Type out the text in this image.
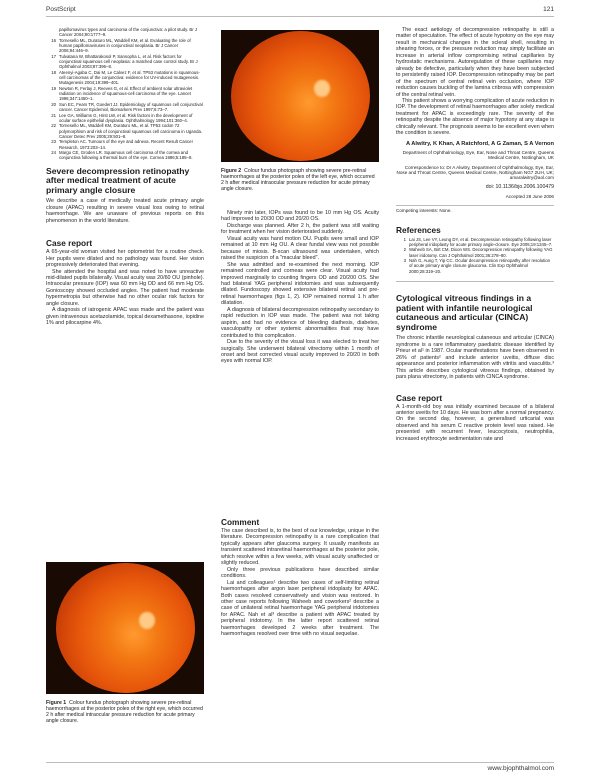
PostScript	121
papillomavirus types and carcinoma of the conjunctiva: a pilot study. Br J Cancer 2004;90:1777–9.
16 Tornesello ML, Duraturo ML, Waddell KM, et al. Evaluating the role of human papillomaviruses in conjunctival neoplasia. Br J Cancer 2006;94:446–9.
17 Tulvatana W, Bhattarakosol P, Sansopha L, et al. Risk factors for conjunctival squamous cell neoplasia: a matched case control study. Br J Ophthalmol 2003;87:396–8.
18 Ateenyi-Agaba C, Dai M, Le Calvez F, et al. TP53 mutations in squamous-cell carcinomas of the conjunctiva: evidence for UV-induced mutagenesis. Mutagenesis 2004;19:399–401.
19 Newton R, Ferlay J, Reeves G, et al. Effect of ambient solar ultraviolet radiation on incidence of squamous-cell carcinoma of the eye. Lancet 1996;347:1450–1.
20 Sun EC, Fears TR, Goedert JJ. Epidemiology of squamous cell conjunctival cancer. Cancer Epidemiol, Biomarkers Prev 1997;6:73–7.
21 Lee GA, Williams G, Hirst LW, et al. Risk factors in the development of ocular surface epithelial dysplasia. Ophthalmology 1994;101:360–4.
22 Tornesello ML, Waddell KM, Duraturo ML, et al. TP53 codon 72 polymorphism and risk of conjunctival squamous cell carcinoma in Uganda. Cancer Detec Prev 2005;29:501–8.
23 Templeton AC. Tumours of the eye and adnexa. Recent Result Cancer Research, 1973:203–14.
24 Margo CE, Groden LR. Squamous cell carcinoma of the cornea and conjunctiva following a thermal burn of the eye. Cornea 1986;5:185–8.
Severe decompression retinopathy after medical treatment of acute primary angle closure

We describe a case of medically treated acute primary angle closure (APAC) resulting in severe visual loss owing to retinal haemorrhage. We are unaware of previous reports on this phenomenon in the world literature.

Case report

A 65-year-old woman visited her optometrist for a routine check. Her pupils were dilated and no pathology was found. Her vision progressively deteriorated that evening.

She attended the hospital and was noted to have unreactive mid-dilated pupils bilaterally. Visual acuity was 20/60 OU (pinhole). Intraocular pressure (IOP) was 60 mm Hg OD and 66 mm Hg OS. Gonioscopy showed occluded angles. The patient had moderate hypermetropia but otherwise had no other ocular risk factors for angle closure.

A diagnosis of iatrogenic APAC was made and the patient was given intravenous acetazolamide, topical dexamethasone, iopidine 1% and pilocarpine 4%.

Figure 1 Colour fundus photograph showing severe pre-retinal haemorrhages at the posterior poles of the right eye, which occurred 2 h after medical intraocular pressure reduction for acute primary angle closure.
Figure 2 Colour fundus photograph showing severe pre-retinal haemorrhages at the posterior poles of the left eye, which occurred 2 h after medical intraocular pressure reduction for acute primary angle closure.

Ninety min later, IOPs was found to be 10 mm Hg OS. Acuity had improved to 20/30 OD and 20/20 OS.

Discharge was planned. After 2 h, the patient was still waiting for treatment when her vision deteriorated suddenly.

Visual acuity was hand motion OU. Pupils were small and IOP remained at 10 mm Hg OU. A clear fundal view was not possible because of miosis. B-scan ultrasound was undertaken, which raised the suspicion of a "macular bleed".

She was admitted and re-examined the next morning. IOP remained controlled and corneas were clear. Visual acuity had improved marginally to counting fingers OD and 20/200 OS. She had bilateral YAG peripheral iridotomies and was subsequently dilated. Fundoscopy showed extensive bilateral retinal and pre-retinal haemorrhages (figs 1, 2). IOP remained normal 1 h after dilatation.

A diagnosis of bilateral decompression retinopathy secondary to rapid reduction in IOP was made. The patient was not taking aspirin, and had no evidence of bleeding diathesis, diabetes, vasculopathy or other systemic abnormalities that may have contributed to this complication.

Due to the severity of the visual loss it was elected to treat her surgically. She underwent bilateral vitrectomy within 1 month of onset and best corrected visual acuity improved to 20/20 in both eyes with normal IOP.

Comment

The case described is, to the best of our knowledge, unique in the literature. Decompression retinopathy is a rare complication that typically appears after glaucoma surgery. It usually manifests as transient scattered intraretinal haemorrhages at the posterior pole, which resolve within a few weeks, with visual acuity unaffected or slightly reduced.

Only three previous publications have described similar conditions.

Lai and colleagues¹ describe two cases of self-limiting retinal haemorrhages after argon laser peripheral iridoplasty for APAC. Both cases resolved conservatively and vision was restored. In other case reports following Waheeb and coworkers² describe a case of unilateral retinal haemorrhage YAG peripheral iridotomies for APAC. Nah et al³ describe a patient with APAC treated by peripheral iridotomy. In the latter report scattered retinal haemorrhages developed 2 weeks after treatment. The haemorrhages resolved over time with no visual sequelae.

The exact aetiology of decompression retinopathy is still a matter of speculation. The effect of acute hypotony on the eye may result in mechanical changes in the scleral shell, resulting in shearing forces, or the pressure reduction may simply facilitate an increase in arterial inflow compromising retinal capillaries by hydrostatic mechanisms. Autoregulation of these capillaries may already be defective, particularly when they have been subjected to persistently raised IOP. Decompression retinopathy may be part of the spectrum of central retinal vein occlusion, where IOP reduction causes buckling of the lamina cribrosa with compression of the central retinal vein.

This patient shows a worrying complication of acute reduction in IOP. The development of retinal haemorrhages after solely medical treatment for APAC is exceedingly rare. The severity of the retinopathy despite the absence of major hypotony at any stage is clinically relevant. The prognosis seems to be excellent even when the condition is severe.

A Alwitry, K Khan, A Ratchford, A G Zaman, S A Vernon
Department of Ophthalmology, Eye, Ear, Nose and Throat Centre, Queens Medical Centre, Nottingham, UK
Correspondence to: Dr A Alwitry, Department of Ophthalmology, Eye, Ear, Nose and Throat Centre, Queens Medical Centre, Nottingham NG7 2UH, UK; amaralwitry@aol.com
doi: 10.1136/bjo.2006.100479
Accepted 28 June 2006
Competing interests: None.
References
1 Lai JS, Lee VY, Leung DY, et al. Decompression retinopathy following laser peripheral iridoplasty for acute primary angle-closure. Eye 2005;19:1345–7.
2 Waheeb SA, Birt CM, Dixon WS. Decompression retinopathy following YAG laser iridotomy. Can J Ophthalmol 2001;36:278–80.
3 Nah G, Aung T, Yip CC. Ocular decompression retinopathy after resolution of acute primary angle closure glaucoma. Clin Exp Ophthalmol 2000;28:319–20.
Cytological vitreous findings in a patient with infantile neurological cutaneous and articular (CINCA) syndrome

The chronic infantile neurological cutaneous and articular (CINCA) syndrome is a rare inflammatory paediatric disease identified by Prieur et al¹ in 1987. Ocular manifestations have been observed in 26% of patients² and include anterior uveitis, diffuse disc appearance and posterior inflammation with vitritis and vasculitis.³ This article describes cytological vitreous findings, obtained by pars plana vitrectomy, in patients with CINCA syndrome.

Case report

A 1-month-old boy was initially examined because of a bilateral anterior uveitis for 10 days. He was born after a normal pregnancy. On the second day, however, a generalised urticarial was observed and his serum C reactive protein level was raised. He presented with recurrent fever, leucocytosis, neutrophilia, increased erythrocyte sedimentation rate and

www.bjophthalmol.com
